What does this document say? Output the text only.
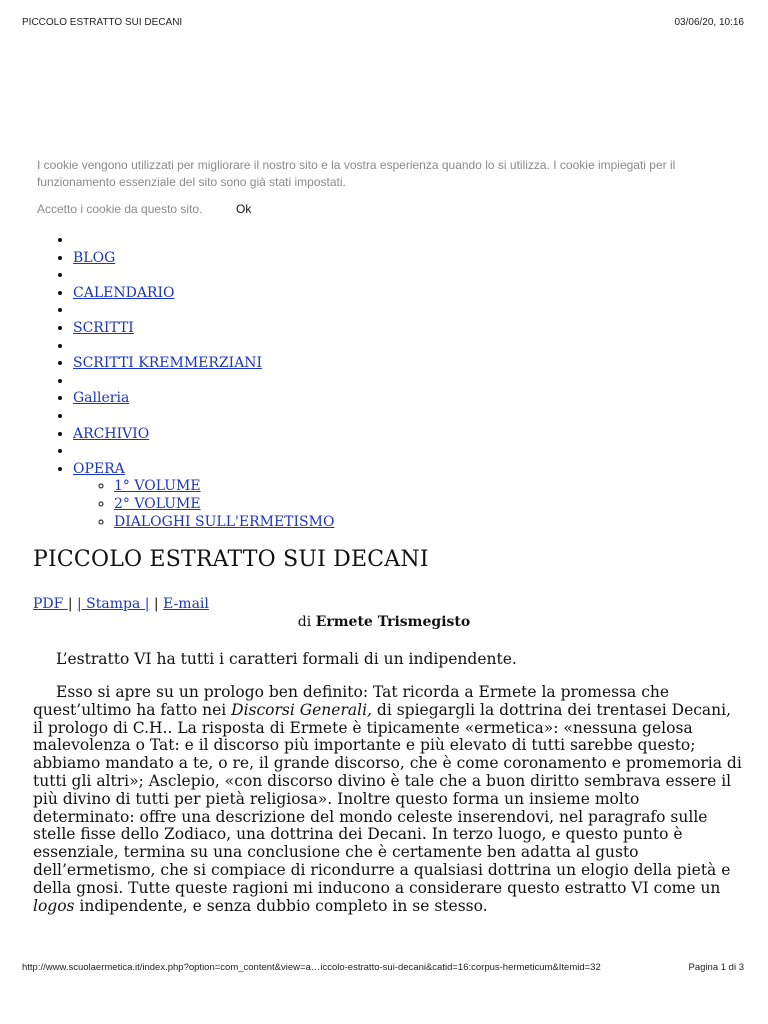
PICCOLO ESTRATTO SUI DECANI	03/06/20, 10:16
I cookie vengono utilizzati per migliorare il nostro sito e la vostra esperienza quando lo si utilizza. I cookie impiegati per il funzionamento essenziale del sito sono già stati impostati.
Accetto i cookie da questo sito.	Ok
•
• BLOG
•
• CALENDARIO
•
• SCRITTI
•
• SCRITTI KREMMERZIANI
•
• Galleria
•
• ARCHIVIO
•
• OPERA
◦ 1° VOLUME
◦ 2° VOLUME
◦ DIALOGHI SULL'ERMETISMO
PICCOLO ESTRATTO SUI DECANI
PDF | | Stampa | | E-mail
di Ermete Trismegisto

L’estratto VI ha tutti i caratteri formali di un indipendente.

Esso si apre su un prologo ben definito: Tat ricorda a Ermete la promessa che quest’ultimo ha fatto nei Discorsi Generali, di spiegargli la dottrina dei trentasei Decani, il prologo di C.H.. La risposta di Ermete è tipicamente «ermetica»: «nessuna gelosa malevolenza o Tat: e il discorso più importante e più elevato di tutti sarebbe questo; abbiamo mandato a te, o re, il grande discorso, che è come coronamento e promemoria di tutti gli altri»; Asclepio, «con discorso divino è tale che a buon diritto sembrava essere il più divino di tutti per pietà religiosa». Inoltre questo forma un insieme molto determinato: offre una descrizione del mondo celeste inserendovi, nel paragrafo sulle stelle fisse dello Zodiaco, una dottrina dei Decani. In terzo luogo, e questo punto è essenziale, termina su una conclusione che è certamente ben adatta al gusto dell’ermetismo, che si compiace di ricondurre a qualsiasi dottrina un elogio della pietà e della gnosi. Tutte queste ragioni mi inducono a considerare questo estratto VI come un logos indipendente, e senza dubbio completo in se stesso.

http://www.scuolaermetica.it/index.php?option=com_content&view=a…iccolo-estratto-sui-decani&catid=16:corpus-hermeticum&Itemid=32	Pagina 1 di 3
